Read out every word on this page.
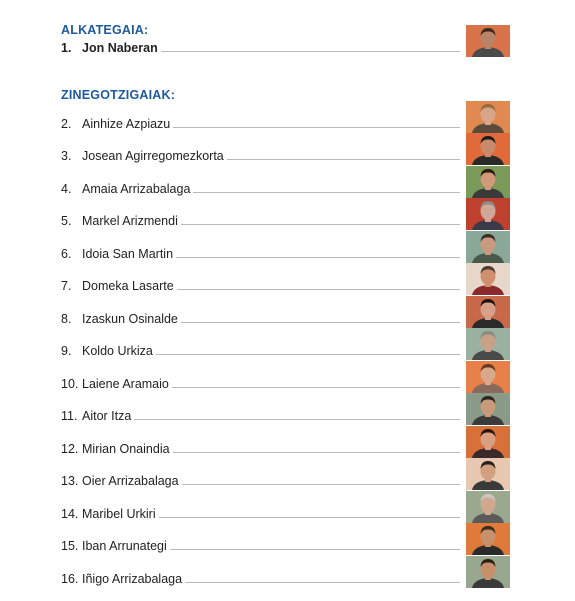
ALKATEGAIA:
ZINEGOTZIGAIAK:
1. Jon Naberan
2. Ainhize Azpiazu
3. Josean Agirregomezkorta
4. Amaia Arrizabalaga
5. Markel Arizmendi
6. Idoia San Martin
7. Domeka Lasarte
8. Izaskun Osinalde
9. Koldo Urkiza
10. Laiene Aramaio
11. Aitor Itza
12. Mirian Onaindia
13. Oier Arrizabalaga
14. Maribel Urkiri
15. Iban Arrunategi
16. Iñigo Arrizabalaga
